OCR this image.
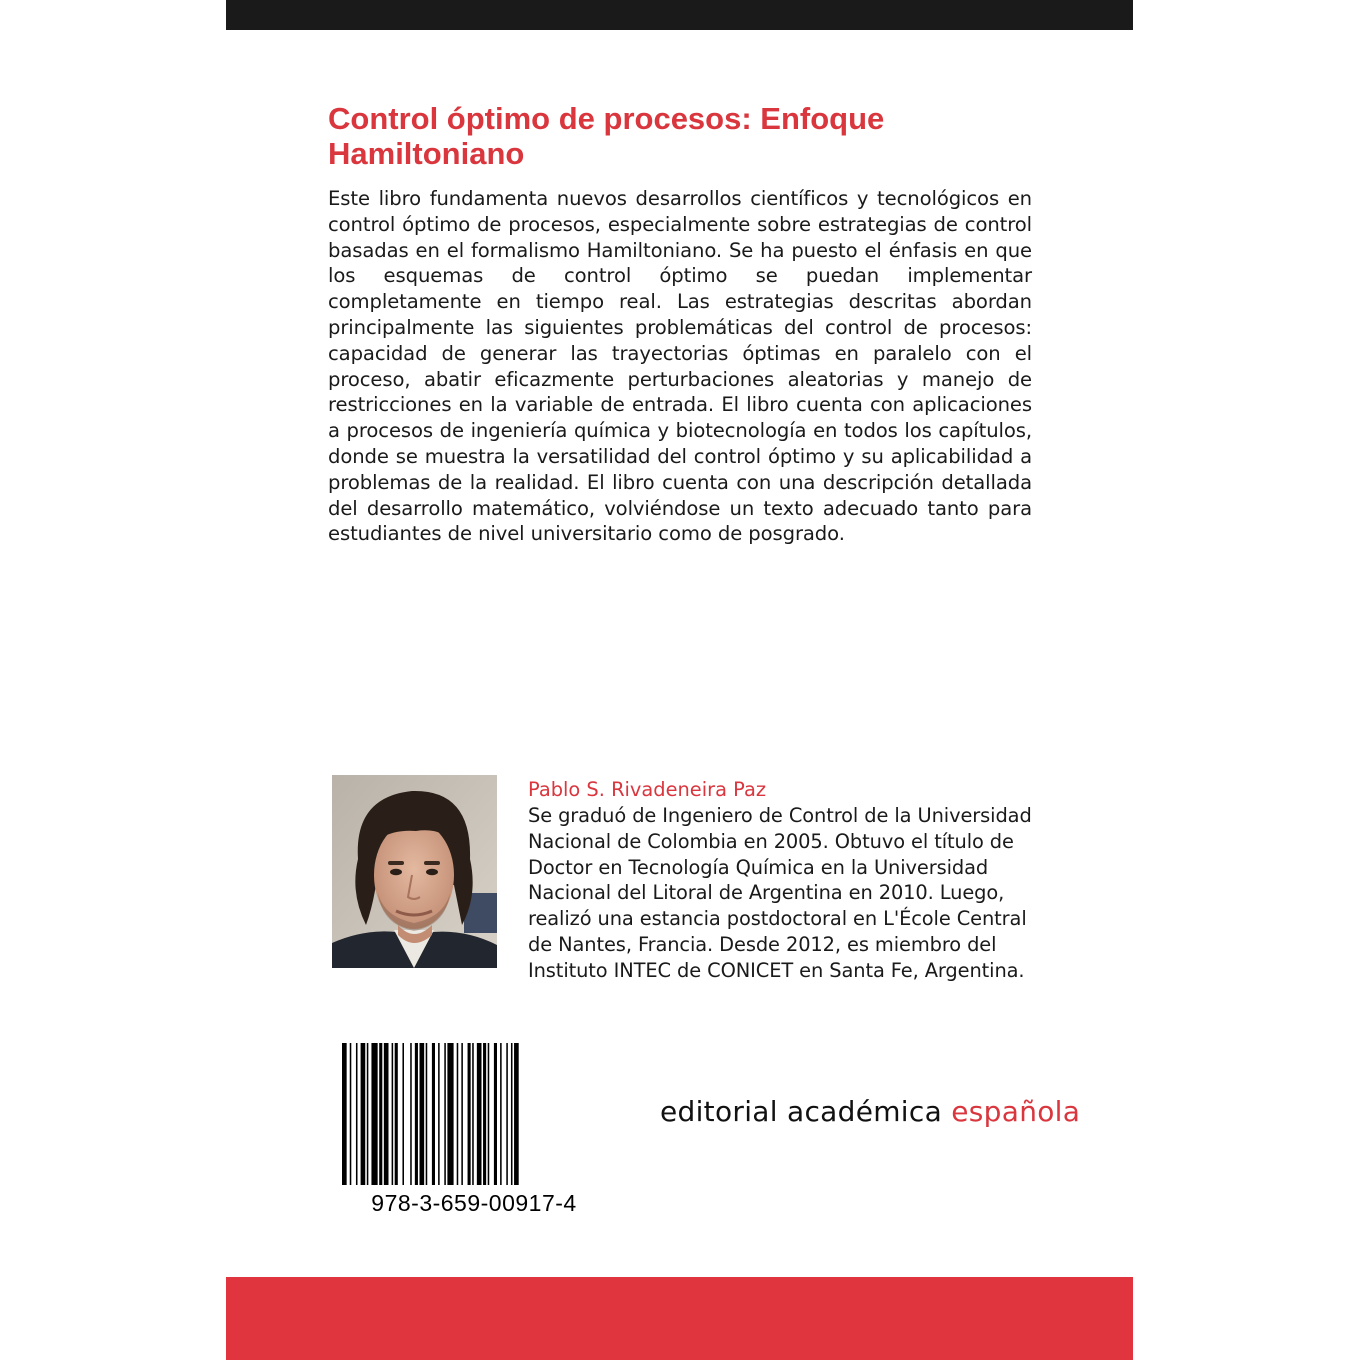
Control óptimo de procesos: Enfoque Hamiltoniano

Este libro fundamenta nuevos desarrollos científicos y tecnológicos en control óptimo de procesos, especialmente sobre estrategias de control basadas en el formalismo Hamiltoniano. Se ha puesto el énfasis en que los esquemas de control óptimo se puedan implementar completamente en tiempo real. Las estrategias descritas abordan principalmente las siguientes problemáticas del control de procesos: capacidad de generar las trayectorias óptimas en paralelo con el proceso, abatir eficazmente perturbaciones aleatorias y manejo de restricciones en la variable de entrada. El libro cuenta con aplicaciones a procesos de ingeniería química y biotecnología en todos los capítulos, donde se muestra la versatilidad del control óptimo y su aplicabilidad a problemas de la realidad. El libro cuenta con una descripción detallada del desarrollo matemático, volviéndose un texto adecuado tanto para estudiantes de nivel universitario como de posgrado.

Pablo S. Rivadeneira Paz
Se graduó de Ingeniero de Control de la Universidad
Nacional de Colombia en 2005. Obtuvo el título de
Doctor en Tecnología Química en la Universidad
Nacional del Litoral de Argentina en 2010. Luego,
realizó una estancia postdoctoral en L'École Central
de Nantes, Francia. Desde 2012, es miembro del
Instituto INTEC de CONICET en Santa Fe, Argentina.
978-3-659-00917-4
editorial académica española
